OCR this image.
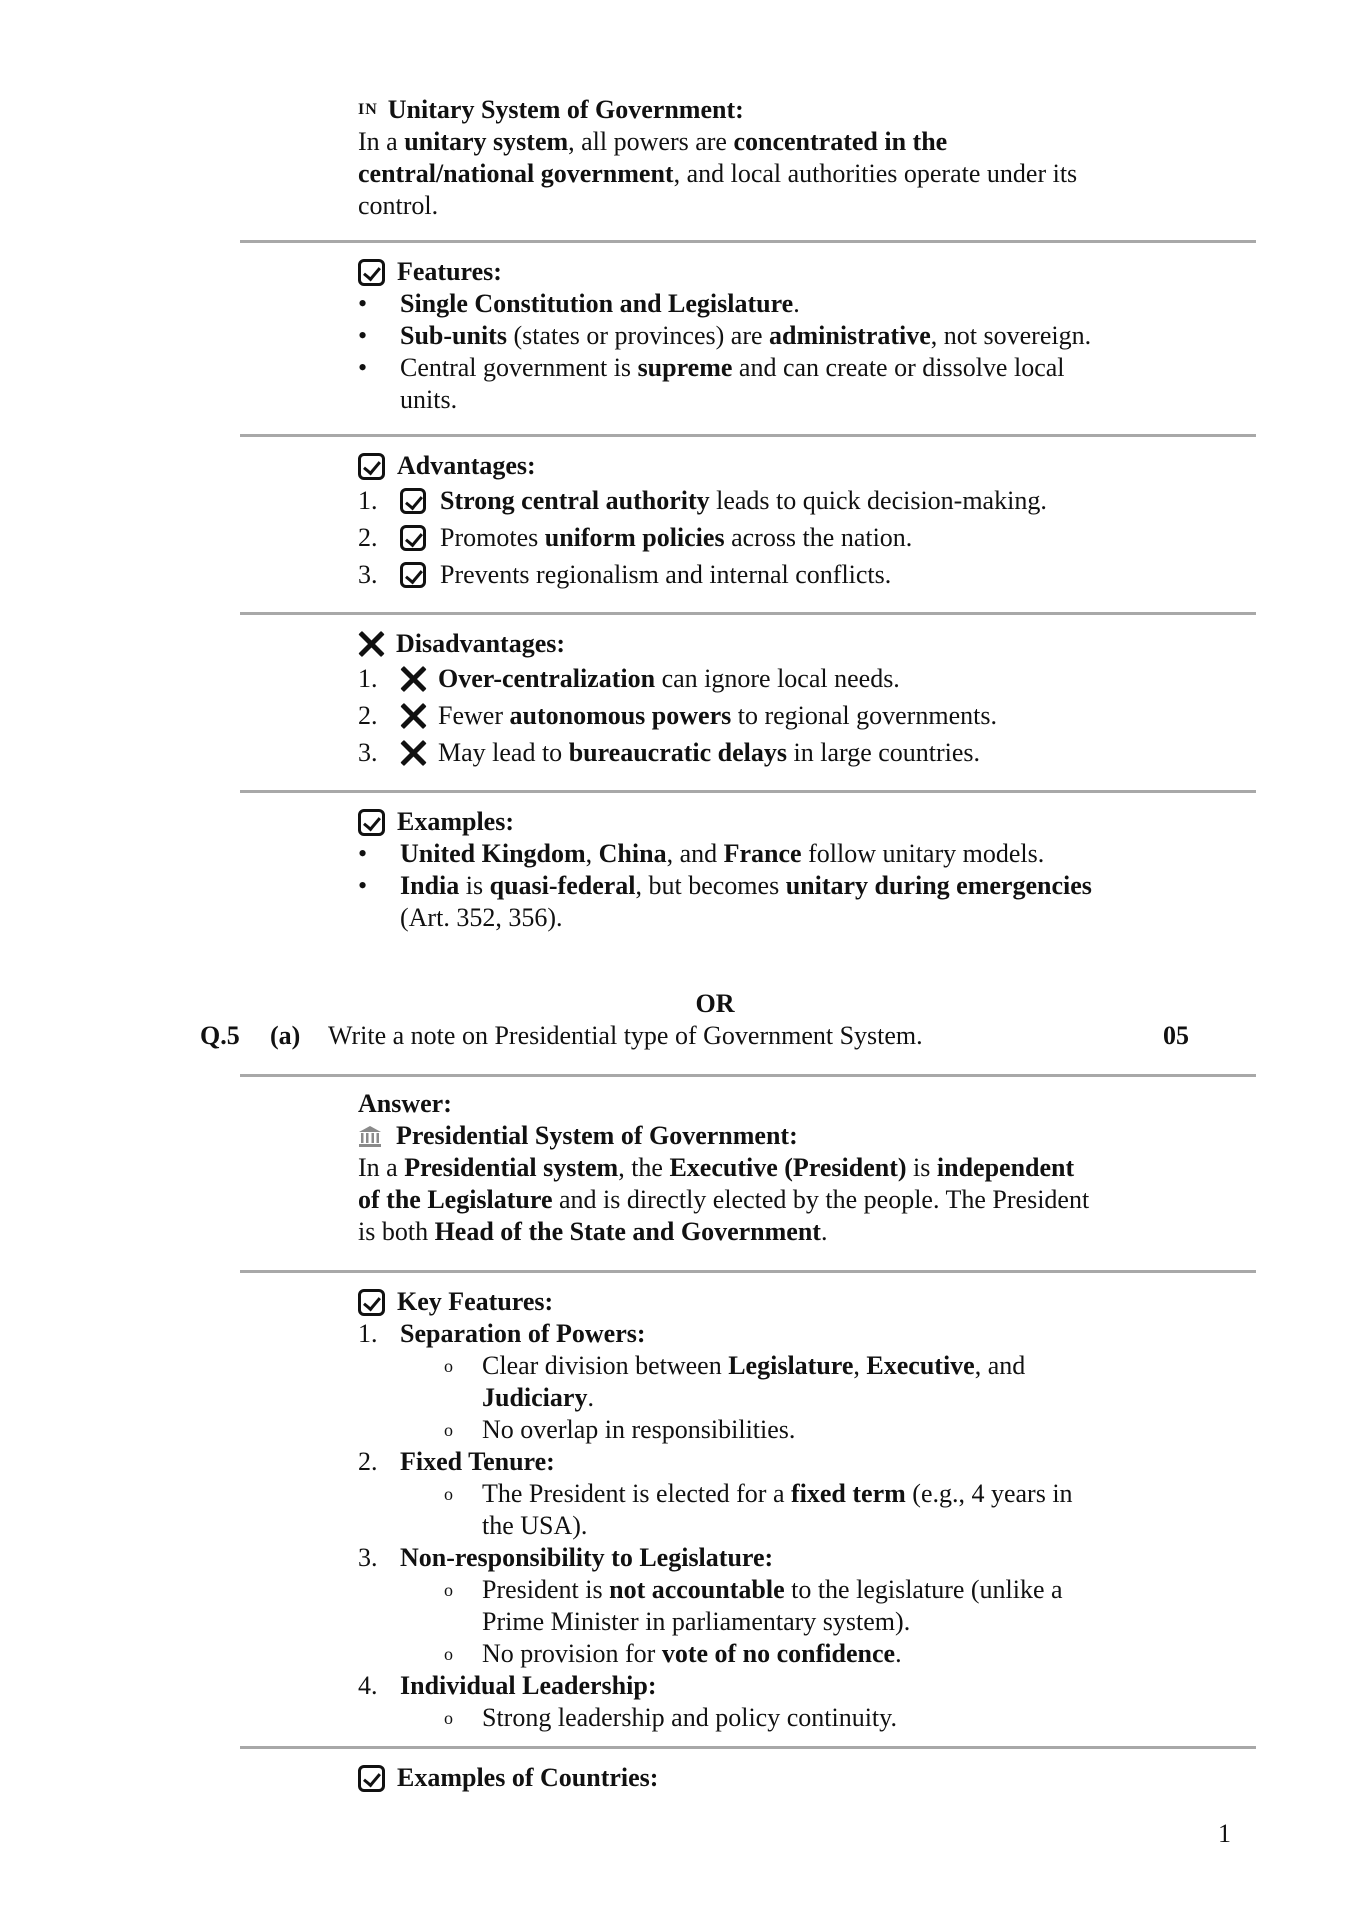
IN Unitary System of Government:
In a unitary system, all powers are concentrated in the
central/national government, and local authorities operate under its
control.
Features:
•	Single Constitution and Legislature.
•	Sub-units (states or provinces) are administrative, not sovereign.
•	Central government is supreme and can create or dissolve local
units.
Advantages:
1.	Strong central authority leads to quick decision-making.
2.	Promotes uniform policies across the nation.
3.	Prevents regionalism and internal conflicts.
Disadvantages:
1.	Over-centralization can ignore local needs.
2.	Fewer autonomous powers to regional governments.
3.	May lead to bureaucratic delays in large countries.
Examples:
•	United Kingdom, China, and France follow unitary models.
•	India is quasi-federal, but becomes unitary during emergencies
(Art. 352, 356).
OR
Q.5 (a) Write a note on Presidential type of Government System.	05
Answer:
Presidential System of Government:
In a Presidential system, the Executive (President) is independent
of the Legislature and is directly elected by the people. The President
is both Head of the State and Government.
Key Features:
1. Separation of Powers:
o	Clear division between Legislature, Executive, and
Judiciary.
o	No overlap in responsibilities.
2. Fixed Tenure:
o	The President is elected for a fixed term (e.g., 4 years in
the USA).
3. Non-responsibility to Legislature:
o	President is not accountable to the legislature (unlike a
Prime Minister in parliamentary system).
o	No provision for vote of no confidence.
4. Individual Leadership:
o	Strong leadership and policy continuity.
Examples of Countries:
1
